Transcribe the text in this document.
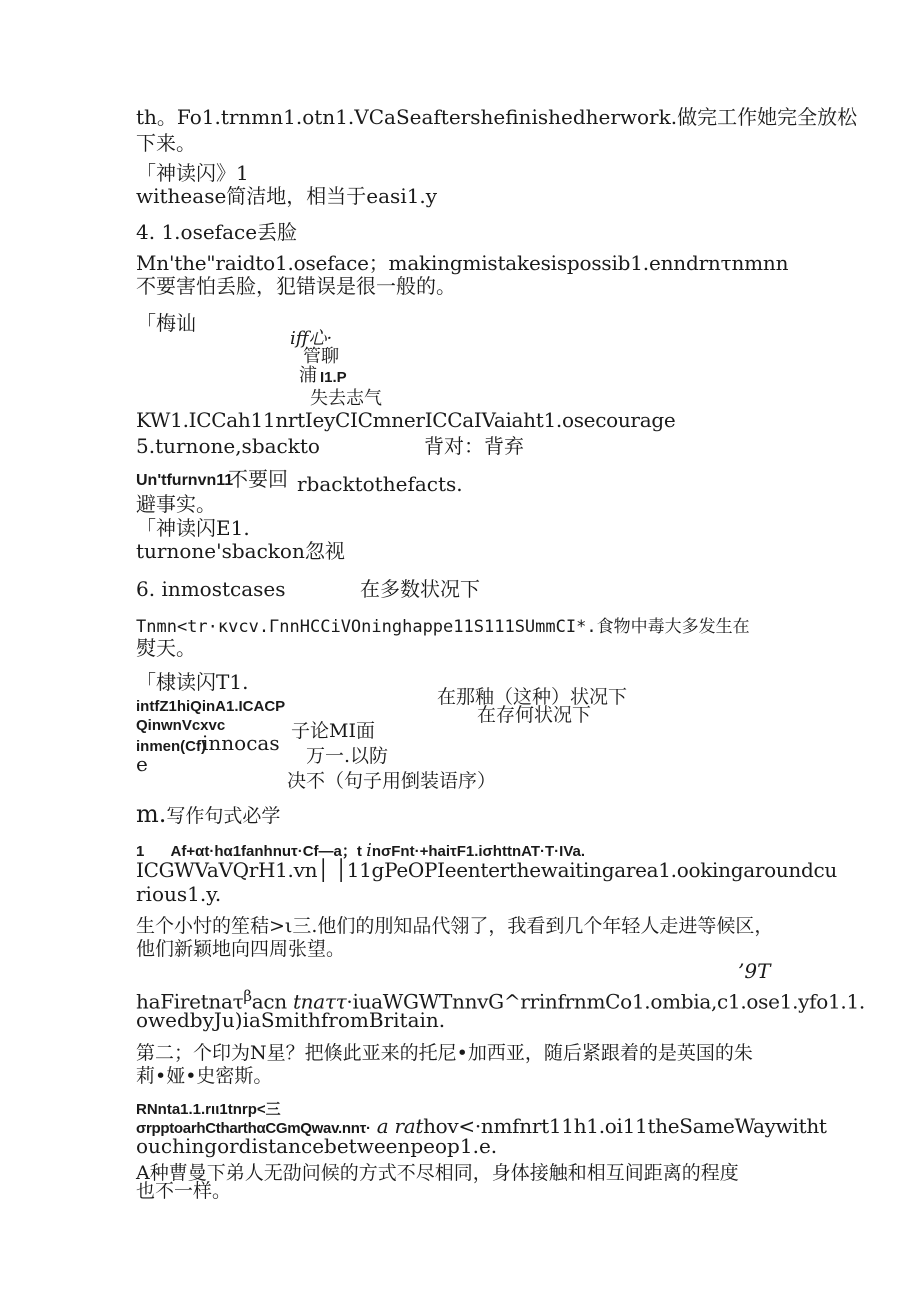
th。Fo1.trnmn1.otn1.VCaSeaftershefinishedherwork.做完工作她完全放松
下来。
「神读闪》1
withease简洁地，相当于easi1.y
4. 1.oseface丢脸
Mn'the"raidto1.oseface；makingmistakesispossib1.enndrnτnmnn
不要害怕丢脸，犯错误是很一般的。
「梅讪
iff心·
管聊
浦 I1.P
失去志气
KW1.ICCah11nrtIeyCICmnerICCaIVaiaht1.osecourage
5.turnone,sbackto	背对：背弃
Un'tfurnvn11
不要回 rbacktothefacts.
避事实。
「神读闪E1.
turnone'sbackon忽视
6. inmostcases	在多数状况下
Tnmn<tr·κvcv.ΓnnHCCiVOninghappe11S111SUmmCI*.食物中毒大多发生在
熨天。
「棣读闪T1.
intfZ1hiQinA1.ICACP	在那釉（这种）状况下
在存何状况下
QinwnVcxvc	子论MI面
inmen(Cf)
innocas
万一.以防
e
决不（句子用倒装语序）
m.写作句式必学
1 Af+αt·hα1fanhnuτ·Cf—a；t inσFnt·+haiτF1.iσhttnAT·T·IVa.
ICGWVaVQrH1.vn│ │11gPeOPIeenterthewaitingarea1.ookingaroundcu
rious1.y.
生个小忖的笙秸>ι三.他们的刖知品代翎了，我看到几个年轻人走进等候区，
他们新颖地向四周张望。
’9T
haFiretnaτ$^\beta$acn tnaττ·iuaWGWTnnvG^rrinfrnmCo1.ombia,c1.ose1.yfo1.1.
owedbyJu)iaSmithfromBritain.
第二；个印为N星？把倏此亚来的托尼•加西亚，随后紧跟着的是英国的朱
莉•娅•史密斯。
RNnta1.1.rιι1tnrp<三
σrpptoarhCtharthαCGmQwav.nnτ· a rathov<·nmfnrt11h1.oi11theSameWaywitht
ouchingordistancebetweenpeop1.e.
A种曹曼下弟人无劭问候的方式不尽相同，身体接触和相互间距离的程度
也不一样。
